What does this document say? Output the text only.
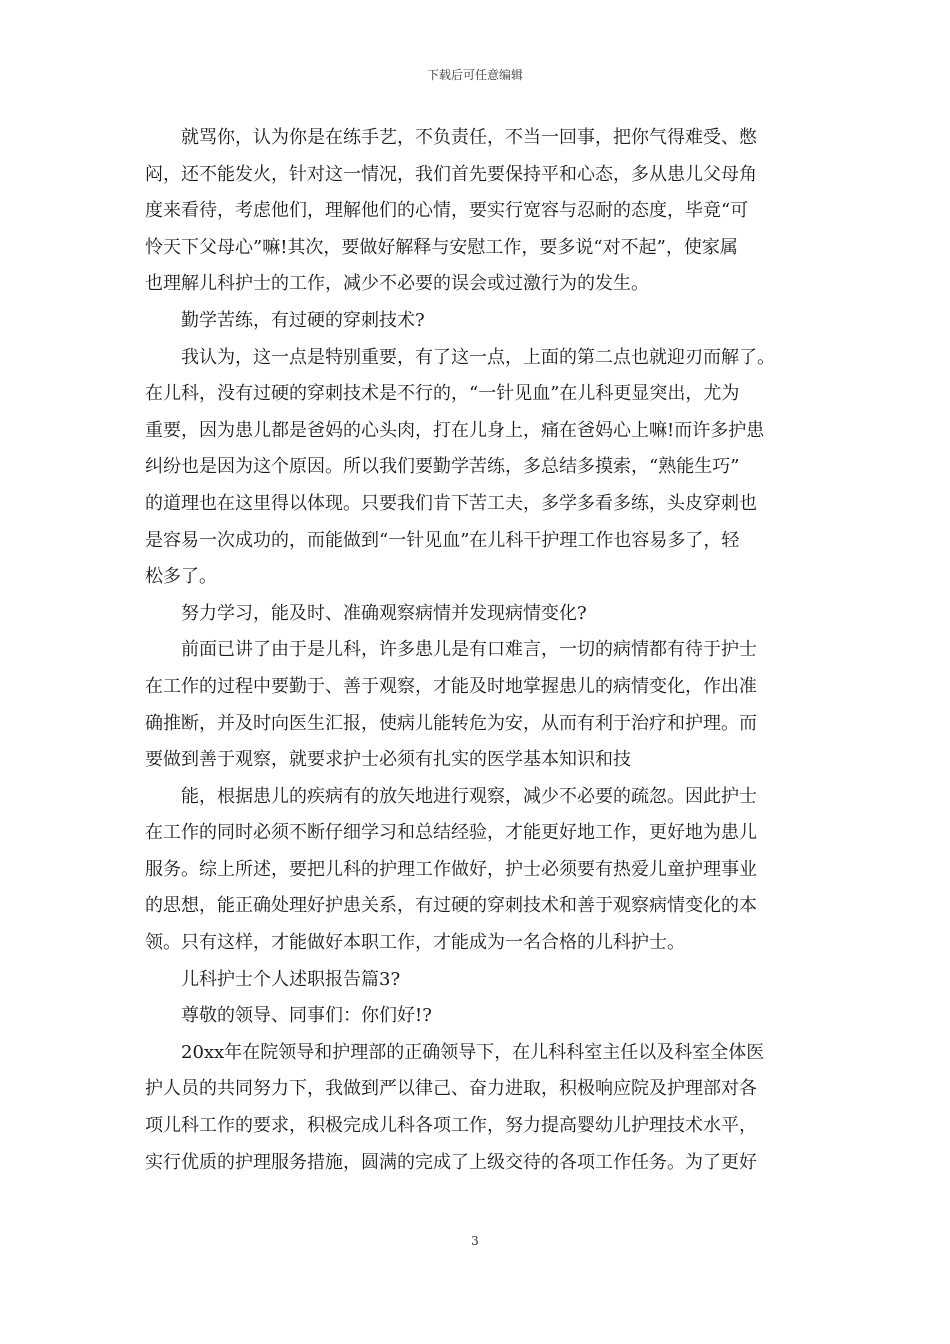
下载后可任意编辑
　　就骂你，认为你是在练手艺，不负责任，不当一回事，把你气得难受、憋
闷，还不能发火，针对这一情况，我们首先要保持平和心态，多从患儿父母角
度来看待，考虑他们，理解他们的心情，要实行宽容与忍耐的态度，毕竟“可
怜天下父母心”嘛!其次，要做好解释与安慰工作，要多说“对不起”，使家属
也理解儿科护士的工作，减少不必要的误会或过激行为的发生。
　　勤学苦练，有过硬的穿刺技术?
　　我认为，这一点是特别重要，有了这一点，上面的第二点也就迎刃而解了。
在儿科，没有过硬的穿刺技术是不行的，“一针见血”在儿科更显突出，尤为
重要，因为患儿都是爸妈的心头肉，打在儿身上，痛在爸妈心上嘛!而许多护患
纠纷也是因为这个原因。所以我们要勤学苦练，多总结多摸索，“熟能生巧”
的道理也在这里得以体现。只要我们肯下苦工夫，多学多看多练，头皮穿刺也
是容易一次成功的，而能做到“一针见血”在儿科干护理工作也容易多了，轻
松多了。
　　努力学习，能及时、准确观察病情并发现病情变化?
　　前面已讲了由于是儿科，许多患儿是有口难言，一切的病情都有待于护士
在工作的过程中要勤于、善于观察，才能及时地掌握患儿的病情变化，作出准
确推断，并及时向医生汇报，使病儿能转危为安，从而有利于治疗和护理。而
要做到善于观察，就要求护士必须有扎实的医学基本知识和技
　　能，根据患儿的疾病有的放矢地进行观察，减少不必要的疏忽。因此护士
在工作的同时必须不断仔细学习和总结经验，才能更好地工作，更好地为患儿
服务。综上所述，要把儿科的护理工作做好，护士必须要有热爱儿童护理事业
的思想，能正确处理好护患关系，有过硬的穿刺技术和善于观察病情变化的本
领。只有这样，才能做好本职工作，才能成为一名合格的儿科护士。
　　儿科护士个人述职报告篇3?
　　尊敬的领导、同事们：你们好!?
　　20xx年在院领导和护理部的正确领导下，在儿科科室主任以及科室全体医
护人员的共同努力下，我做到严以律己、奋力进取，积极响应院及护理部对各
项儿科工作的要求，积极完成儿科各项工作，努力提高婴幼儿护理技术水平，
实行优质的护理服务措施，圆满的完成了上级交待的各项工作任务。为了更好
3
